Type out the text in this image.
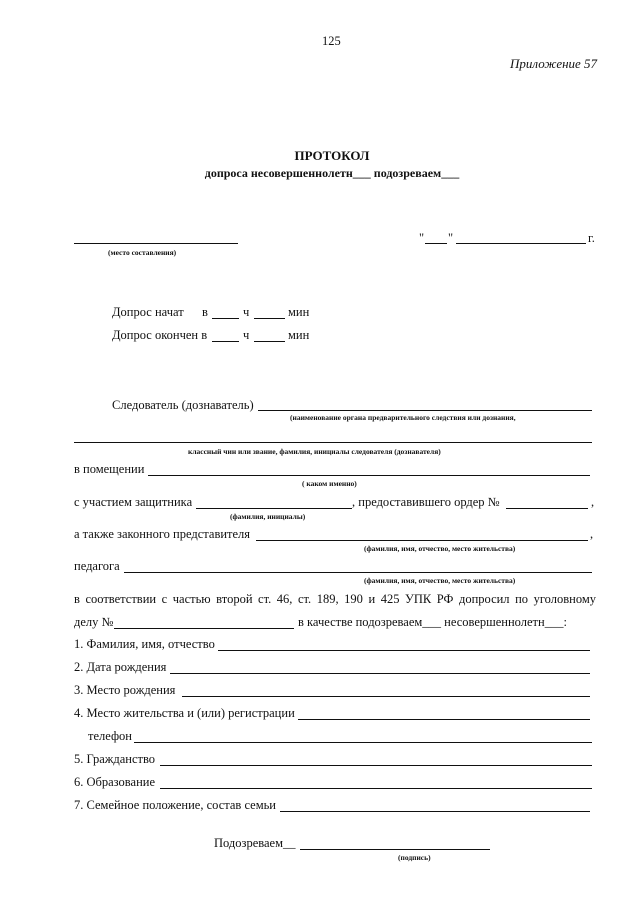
125
Приложение 57
ПРОТОКОЛ
допроса несовершеннолетн___ подозреваем___
(место составления)
" "	г.
Допрос начат в	ч	мин
Допрос окончен в	ч	мин
Следователь (дознаватель)
(наименование органа предварительного следствия или дознания,
классный чин или звание, фамилия, инициалы следователя (дознавателя)
в помещении
( каком именно)
с участием защитника	, предоставившего ордер №	,
(фамилия, инициалы)
а также законного представителя	,
(фамилия, имя, отчество, место жительства)
педагога
(фамилия, имя, отчество, место жительства)
в соответствии с частью второй ст. 46, ст. 189, 190 и 425 УПК РФ допросил по уголовному
делу №	в качестве подозреваем___ несовершеннолетн___:
1. Фамилия, имя, отчество
2. Дата рождения
3. Место рождения
4. Место жительства и (или) регистрации
телефон
5. Гражданство
6. Образование
7. Семейное положение, состав семьи
Подозреваем__
(подпись)
